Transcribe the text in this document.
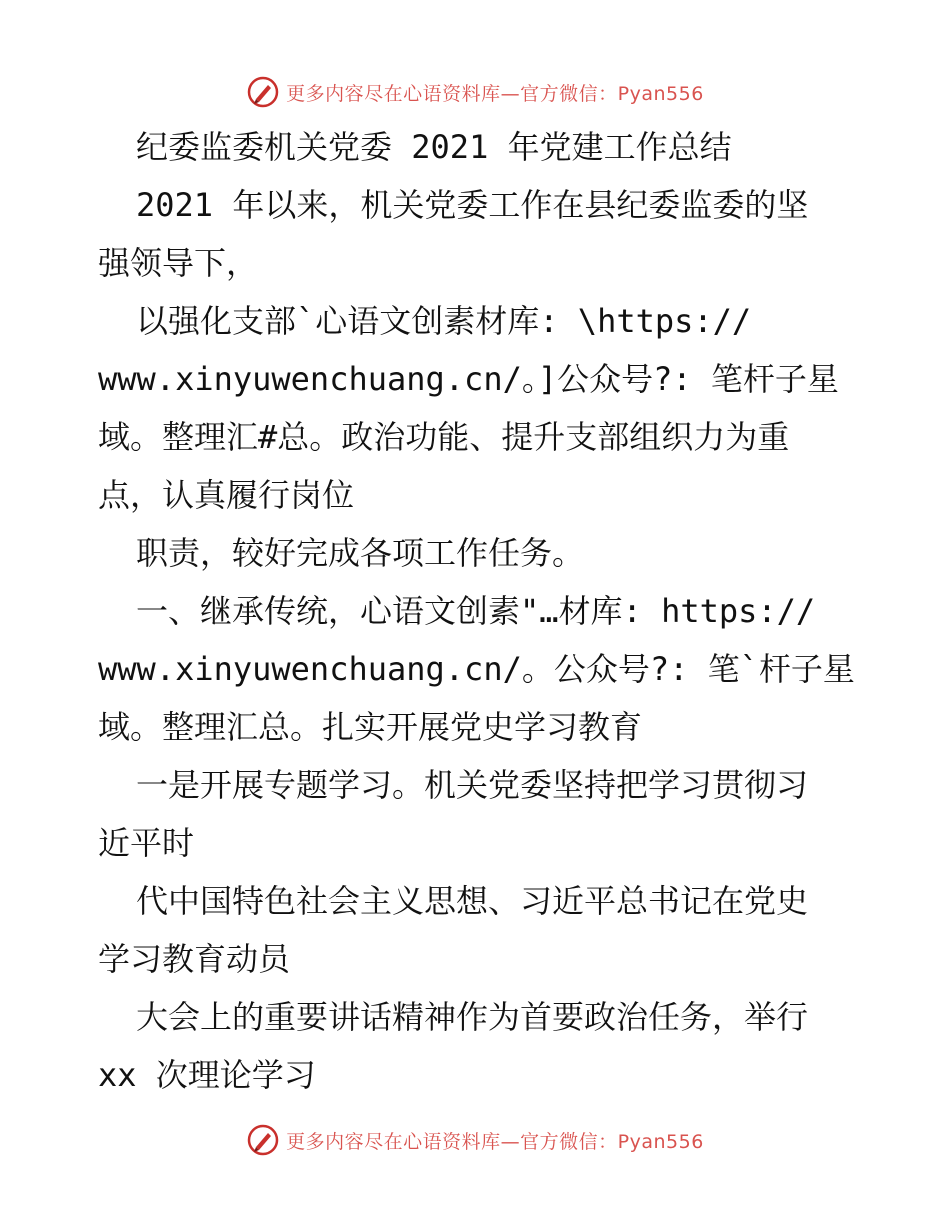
更多内容尽在心语资料库—官方微信：Pyan556
纪委监委机关党委 2021 年党建工作总结
2021 年以来，机关党委工作在县纪委监委的坚
强领导下，
以强化支部`心语文创素材库: \https://
www.xinyuwenchuang.cn/。]公众号?: 笔杆子星
域。整理汇#总。政治功能、提升支部组织力为重
点，认真履行岗位
职责，较好完成各项工作任务。
一、继承传统，心语文创素"…材库: https://
www.xinyuwenchuang.cn/。公众号?: 笔`杆子星
域。整理汇总。扎实开展党史学习教育
一是开展专题学习。机关党委坚持把学习贯彻习
近平时
代中国特色社会主义思想、习近平总书记在党史
学习教育动员
大会上的重要讲话精神作为首要政治任务，举行
xx 次理论学习
更多内容尽在心语资料库—官方微信：Pyan556
